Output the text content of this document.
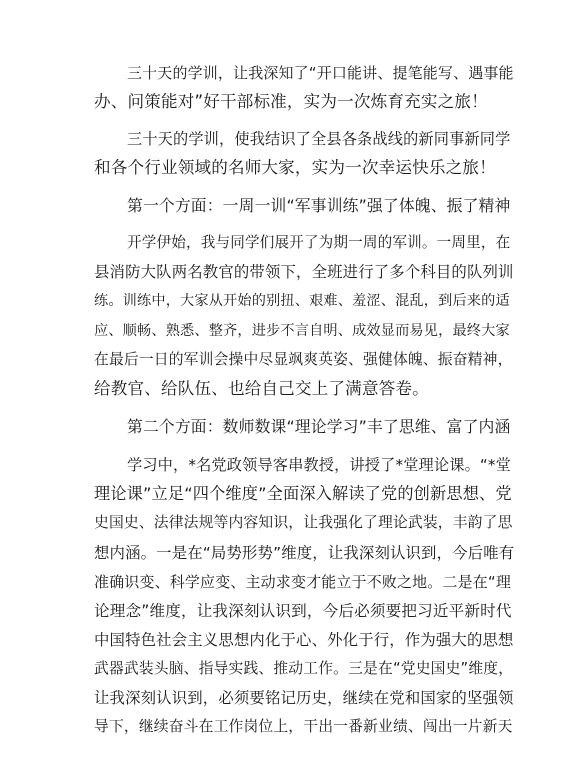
三十天的学训，让我深知了“开口能讲、提笔能写、遇事能
办、问策能对”好干部标准，实为一次炼育充实之旅！
三十天的学训，使我结识了全县各条战线的新同事新同学
和各个行业领域的名师大家，实为一次幸运快乐之旅！
第一个方面：一周一训“军事训练”强了体魄、振了精神
开学伊始，我与同学们展开了为期一周的军训。一周里，在
县消防大队两名教官的带领下，全班进行了多个科目的队列训
练。训练中，大家从开始的别扭、艰难、羞涩、混乱，到后来的适
应、顺畅、熟悉、整齐，进步不言自明、成效显而易见，最终大家
在最后一日的军训会操中尽显飒爽英姿、强健体魄、振奋精神，
给教官、给队伍、也给自己交上了满意答卷。
第二个方面：数师数课“理论学习”丰了思维、富了内涵
学习中，*名党政领导客串教授，讲授了*堂理论课。“*堂
理论课”立足“四个维度”全面深入解读了党的创新思想、党
史国史、法律法规等内容知识，让我强化了理论武装，丰韵了思
想内涵。一是在“局势形势”维度，让我深刻认识到，今后唯有
准确识变、科学应变、主动求变才能立于不败之地。二是在“理
论理念”维度，让我深刻认识到，今后必须要把习近平新时代
中国特色社会主义思想内化于心、外化于行，作为强大的思想
武器武装头脑、指导实践、推动工作。三是在“党史国史”维度，
让我深刻认识到，必须要铭记历史，继续在党和国家的坚强领
导下，继续奋斗在工作岗位上，干出一番新业绩、闯出一片新天
